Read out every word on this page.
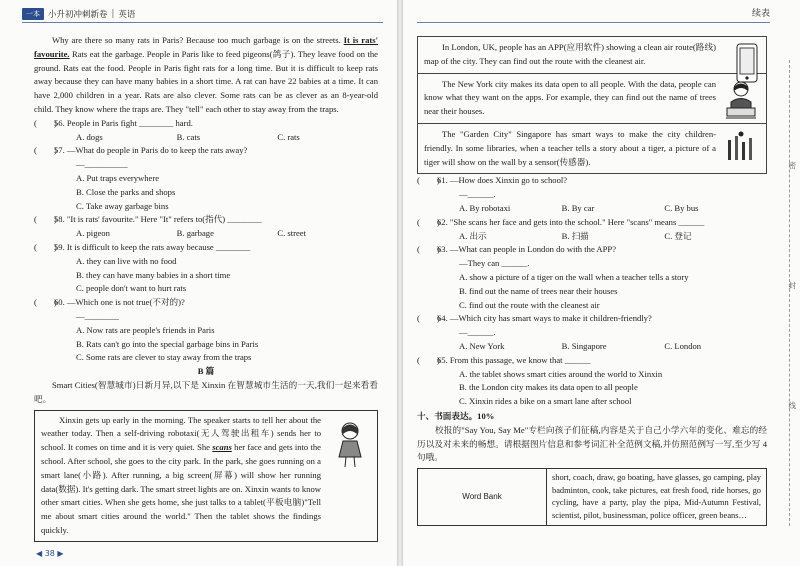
一本 小升初冲刺新卷 | 英语

Why are there so many rats in Paris? Because too much garbage is on the streets. It is rats' favourite. Rats eat the garbage. People in Paris like to feed pigeons(鸽子). They leave food on the ground. Rats eat the food. People in Paris fight rats for a long time. But it is difficult to keep rats away because they can have many babies in a short time. A rat can have 22 babies at a time. It can have 2,000 children in a year. Rats are also clever. Some rats can be as clever as an 8-year-old child. They know where the traps are. They "tell" each other to stay away from the traps.

(　　)
56. People in Paris fight ________ hard.
A. dogs	B. cats	C. rats
(　　)
57. —What do people in Paris do to keep the rats away?
—__________
A. Put traps everywhere
B. Close the parks and shops
C. Take away garbage bins
(　　)
58. "It is rats' favourite." Here "It" refers to(指代) ________
A. pigeon	B. garbage	C. street
(　　)
59. It is difficult to keep the rats away because ________
A. they can live with no food
B. they can have many babies in a short time
C. people don't want to hurt rats
(　　)
60. —Which one is not true(不对的)?
—________
A. Now rats are people's friends in Paris
B. Rats can't go into the special garbage bins in Paris
C. Some rats are clever to stay away from the traps
B 篇

Smart Cities(智慧城市)日新月异,以下是 Xinxin 在智慧城市生活的一天,我们一起来看看吧。

Xinxin gets up early in the morning. The speaker starts to tell her about the weather today. Then a self-driving robotaxi(无人驾驶出租车) sends her to school. It comes on time and it is very quiet. She scans her face and gets into the school. After school, she goes to the city park. In the park, she goes running on a smart lane(小路). After running, a big screen(屏幕) will show her running data(数据). It's getting dark. The smart street lights are on. Xinxin wants to know other smart cities. When she gets home, she just talks to a tablet(平板电脑)"Tell me about smart cities around the world." Then the tablet shows the findings quickly.

◀ 38 ▶
续表

In London, UK, people has an APP(应用软件) showing a clean air route(路线) map of the city. They can find out the route with the cleanest air.

The New York city makes its data open to all people. With the data, people can know what they want on the apps. For example, they can find out the name of trees near their houses.

The "Garden City" Singapore has smart ways to make the city children-friendly. In some libraries, when a teacher tells a story about a tiger, a picture of a tiger will show on the wall by a sensor(传感器).

(　　)
61. —How does Xinxin go to school?
—______.
A. By robotaxi	B. By car	C. By bus
(　　)
62. "She scans her face and gets into the school." Here "scans" means ______
A. 出示	B. 扫描	C. 登记
(　　)
63. —What can people in London do with the APP?
—They can ______.
A. show a picture of a tiger on the wall when a teacher tells a story
B. find out the name of trees near their houses
C. find out the route with the cleanest air
(　　)
64. —Which city has smart ways to make it children-friendly?
—______.
A. New York	B. Singapore	C. London
(　　)
65. From this passage, we know that ______
A. the tablet shows smart cities around the world to Xinxin
B. the London city makes its data open to all people
C. Xinxin rides a bike on a smart lane after school
十、书面表达。10%

校报的"Say You, Say Me"专栏向孩子们征稿,内容是关于自己小学六年的变化、难忘的经历以及对未来的畅想。请根据图片信息和参考词汇补全范例文稿,并仿照范例写一写,至少写 4 句哦。

Word Bank
short, coach, draw, go boating, have glasses, go camping, play badminton, cook, take pictures, eat fresh food, ride horses, go cycling, have a party, play the pipa, Mid-Autumn Festival, scientist, pilot, businessman, police officer, green beans…
密
封
线
